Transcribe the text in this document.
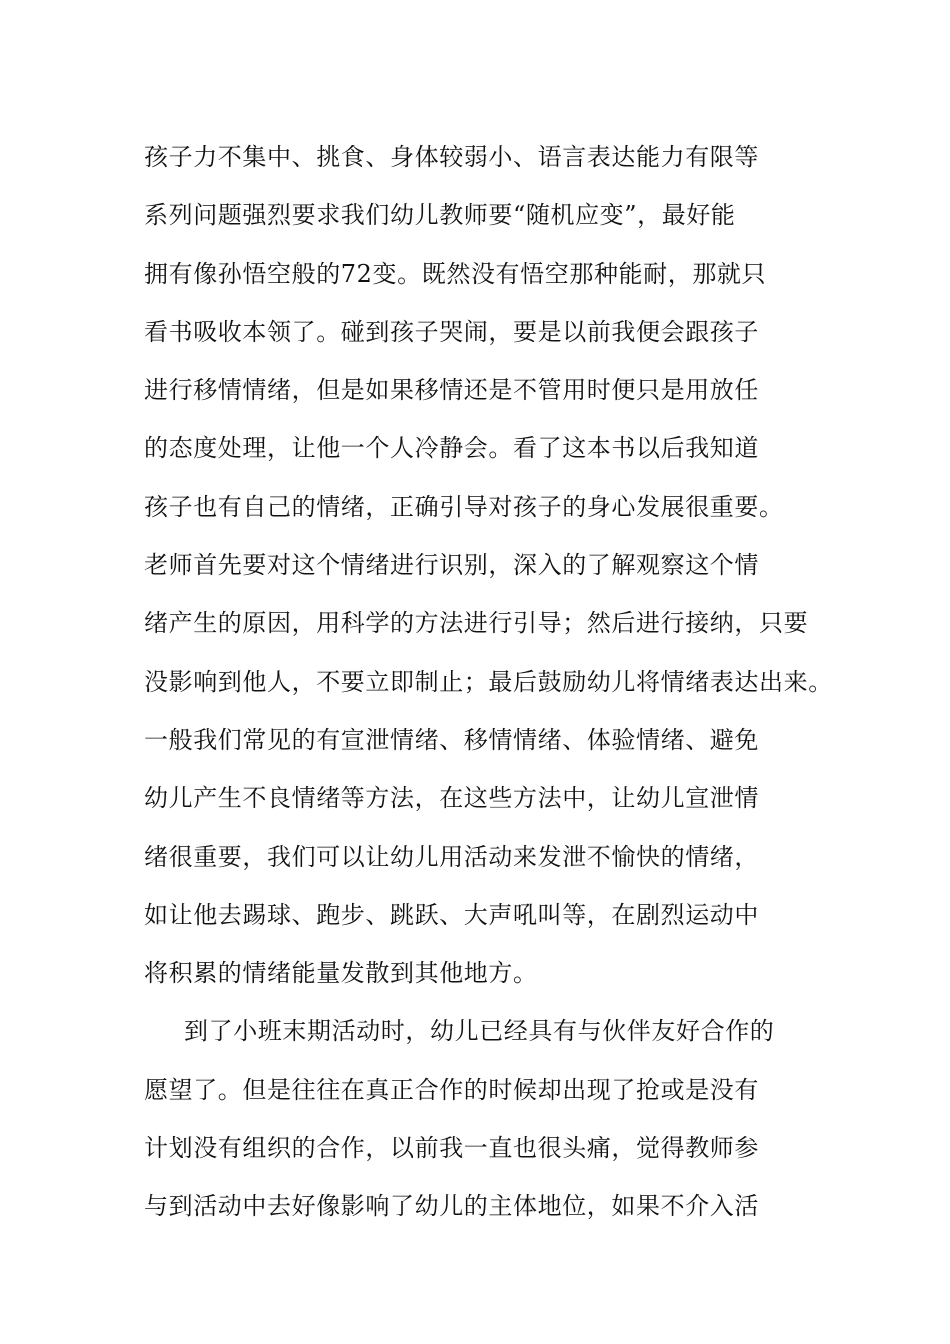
孩子力不集中、挑食、身体较弱小、语言表达能力有限等
系列问题强烈要求我们幼儿教师要“随机应变”，最好能
拥有像孙悟空般的72变。既然没有悟空那种能耐，那就只
看书吸收本领了。碰到孩子哭闹，要是以前我便会跟孩子
进行移情情绪，但是如果移情还是不管用时便只是用放任
的态度处理，让他一个人冷静会。看了这本书以后我知道
孩子也有自己的情绪，正确引导对孩子的身心发展很重要。
老师首先要对这个情绪进行识别，深入的了解观察这个情
绪产生的原因，用科学的方法进行引导；然后进行接纳，只要
没影响到他人，不要立即制止；最后鼓励幼儿将情绪表达出来。
一般我们常见的有宣泄情绪、移情情绪、体验情绪、避免
幼儿产生不良情绪等方法，在这些方法中，让幼儿宣泄情
绪很重要，我们可以让幼儿用活动来发泄不愉快的情绪，
如让他去踢球、跑步、跳跃、大声吼叫等，在剧烈运动中
将积累的情绪能量发散到其他地方。
到了小班末期活动时，幼儿已经具有与伙伴友好合作的
愿望了。但是往往在真正合作的时候却出现了抢或是没有
计划没有组织的合作，以前我一直也很头痛，觉得教师参
与到活动中去好像影响了幼儿的主体地位，如果不介入活
